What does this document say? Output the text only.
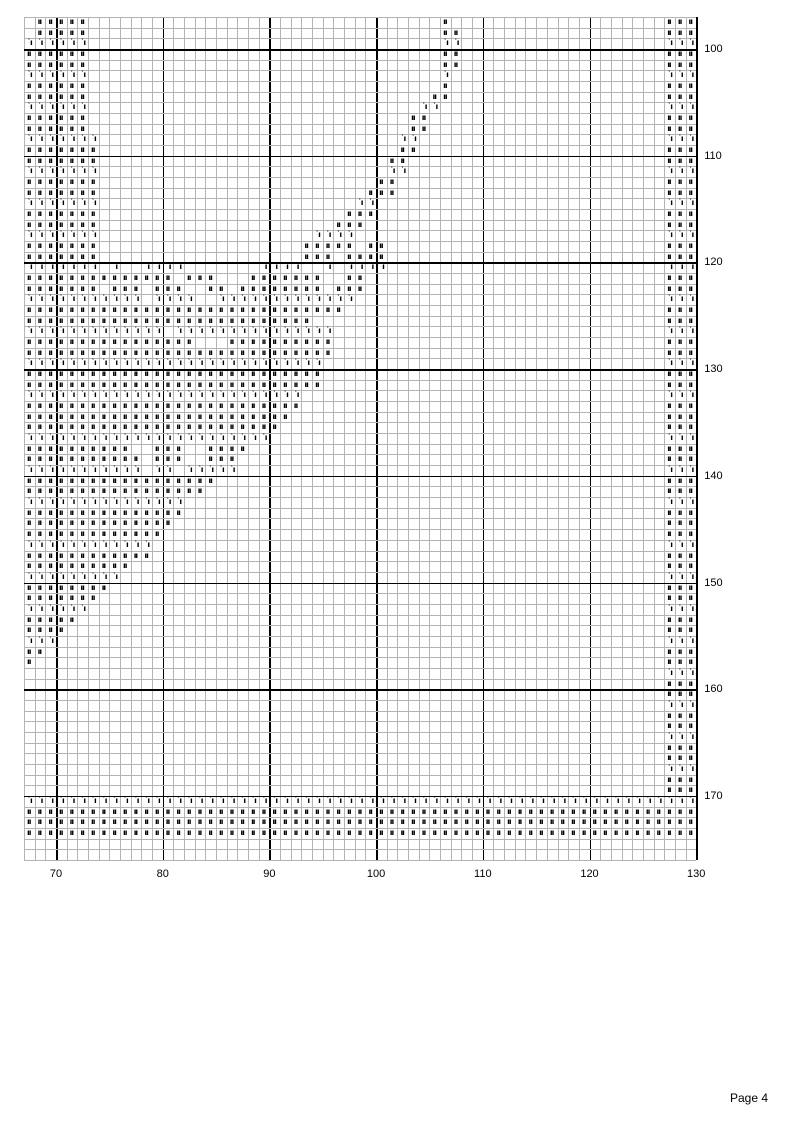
ıı ıı ıı ıı ıı	ıı	ıı ıı ıı
ıı ıı ıı ıı ıı	ıı ıı	ıı ıı ıı
˙ı ˙ı ˙ı ˙ı ˙ı ˙ı	˙ı ˙ı	˙ı ˙ı ˙ı
ıı ıı ıı ıı ıı ıı	ıı ıı	ıı ıı ıı
ıı ıı ıı ıı ıı ıı	ıı ıı	ıı ıı ıı
˙ı ˙ı ˙ı ˙ı ˙ı ˙ı	˙ı	˙ı ˙ı ˙ı
ıı ıı ıı ıı ıı ıı	ıı	ıı ıı ıı
ıı ıı ıı ıı ıı ıı	ıı ıı	ıı ıı ıı
˙ı ˙ı ˙ı ˙ı ˙ı ˙ı	˙ı ˙ı	˙ı ˙ı ˙ı
ıı ıı ıı ıı ıı ıı	ıı ıı	ıı ıı ıı
ıı ıı ıı ıı ıı ıı	ıı ıı	ıı ıı ıı
˙ı ˙ı ˙ı ˙ı ˙ı ˙ı ˙ı	˙ı ˙ı	˙ı ˙ı ˙ı
ıı ıı ıı ıı ıı ıı ıı	ıı ıı	ıı ıı ıı
ıı ıı ıı ıı ıı ıı ıı	ıı ıı	ıı ıı ıı
˙ı ˙ı ˙ı ˙ı ˙ı ˙ı ˙ı	˙ı ˙ı	˙ı ˙ı ˙ı
ıı ıı ıı ıı ıı ıı ıı	ıı ıı	ıı ıı ıı
ıı ıı ıı ıı ıı ıı ıı	ıı ıı ıı	ıı ıı ıı
˙ı ˙ı ˙ı ˙ı ˙ı ˙ı ˙ı	˙ı ˙ı	˙ı ˙ı ˙ı
ıı ıı ıı ıı ıı ıı ıı	ıı ıı ıı	ıı ıı ıı
ıı ıı ıı ıı ıı ıı ıı	ıı ıı ıı	ıı ıı ıı
˙ı ˙ı ˙ı ˙ı ˙ı ˙ı ˙ı	˙ı ˙ı ˙ı ˙ı	˙ı ˙ı ˙ı
ıı ıı ıı ıı ıı ıı ıı	ıı ıı ıı ıı ıı ıı ıı	ıı ıı ıı
ıı ıı ıı ıı ıı ıı ıı	ıı ıı ıı ıı ıı ıı ıı	ıı ıı ıı
˙ı ˙ı ˙ı ˙ı ˙ı ˙ı ˙ı ˙ı	˙ı ˙ı ˙ı ˙ı	˙ı ˙ı ˙ı ˙ı	˙ı ˙ı ˙ı ˙ı ˙ı	˙ı ˙ı ˙ı
ıı ıı ıı ıı ıı ıı ıı ıı ıı ıı ıı ıı ıı ıı ıı ıı ıı	ıı ıı ıı ıı ıı ıı ıı	ıı ıı	ıı ıı ıı
ıı ıı ıı ıı ıı ıı ıı ıı ıı ıı ıı ıı ıı	ıı ıı ıı ıı ıı ıı ıı ıı ıı ıı ıı ıı ıı	ıı ıı ıı
˙ı ˙ı ˙ı ˙ı ˙ı ˙ı ˙ı ˙ı ˙ı ˙ı ˙ı ˙ı ˙ı ˙ı ˙ı	˙ı ˙ı ˙ı ˙ı ˙ı ˙ı ˙ı ˙ı ˙ı ˙ı ˙ı ˙ı ˙ı	˙ı ˙ı ˙ı
ıı ıı ıı ıı ıı ıı ıı ıı ıı ıı ıı ıı ıı ıı ıı ıı ıı ıı ıı ıı ıı ıı ıı ıı ıı ıı ıı ıı ıı ıı	ıı ıı ıı
ıı ıı ıı ıı ıı ıı ıı ıı ıı ıı ıı ıı ıı ıı ıı ıı ıı ıı ıı ıı ıı ıı ıı ıı ıı ıı ıı	ıı ıı ıı
˙ı ˙ı ˙ı ˙ı ˙ı ˙ı ˙ı ˙ı ˙ı ˙ı ˙ı ˙ı ˙ı ˙ı ˙ı ˙ı ˙ı ˙ı ˙ı ˙ı ˙ı ˙ı ˙ı ˙ı ˙ı ˙ı ˙ı ˙ı	˙ı ˙ı ˙ı
ıı ıı ıı ıı ıı ıı ıı ıı ıı ıı ıı ıı ıı ıı ıı ıı	ıı ıı ıı ıı ıı ıı ıı ıı ıı ıı	ıı ıı ıı
ıı ıı ıı ıı ıı ıı ıı ıı ıı ıı ıı ıı ıı ıı ıı ıı ıı ıı ıı ıı ıı ıı ıı ıı ıı ıı ıı ıı ıı	ıı ıı ıı
˙ı ˙ı ˙ı ˙ı ˙ı ˙ı ˙ı ˙ı ˙ı ˙ı ˙ı ˙ı ˙ı ˙ı ˙ı ˙ı ˙ı ˙ı ˙ı ˙ı ˙ı ˙ı ˙ı ˙ı ˙ı ˙ı ˙ı ˙ı	˙ı ˙ı ˙ı
ıı ıı ıı ıı ıı ıı ıı ıı ıı ıı ıı ıı ıı ıı ıı ıı ıı ıı ıı ıı ıı ıı ıı ıı ıı ıı ıı ıı	ıı ıı ıı
ıı ıı ıı ıı ıı ıı ıı ıı ıı ıı ıı ıı ıı ıı ıı ıı ıı ıı ıı ıı ıı ıı ıı ıı ıı ıı ıı ıı	ıı ıı ıı
˙ı ˙ı ˙ı ˙ı ˙ı ˙ı ˙ı ˙ı ˙ı ˙ı ˙ı ˙ı ˙ı ˙ı ˙ı ˙ı ˙ı ˙ı ˙ı ˙ı ˙ı ˙ı ˙ı ˙ı ˙ı ˙ı	˙ı ˙ı ˙ı
ıı ıı ıı ıı ıı ıı ıı ıı ıı ıı ıı ıı ıı ıı ıı ıı ıı ıı ıı ıı ıı ıı ıı ıı ıı ıı	ıı ıı ıı
ıı ıı ıı ıı ıı ıı ıı ıı ıı ıı ıı ıı ıı ıı ıı ıı ıı ıı ıı ıı ıı ıı ıı ıı ıı	ıı ıı ıı
ıı ıı ıı ıı ıı ıı ıı ıı ıı ıı ıı ıı ıı ıı ıı ıı ıı ıı ıı ıı ıı ıı ıı ıı	ıı ıı ıı
˙ı ˙ı ˙ı ˙ı ˙ı ˙ı ˙ı ˙ı ˙ı ˙ı ˙ı ˙ı ˙ı ˙ı ˙ı ˙ı ˙ı ˙ı ˙ı ˙ı ˙ı ˙ı ˙ı	˙ı ˙ı ˙ı
ıı ıı ıı ıı ıı ıı ıı ıı ıı ıı	ıı ıı ıı	ıı ıı ıı ıı	ıı ıı ıı
ıı ıı ıı ıı ıı ıı ıı ıı ıı ıı ıı ıı ıı ıı	ıı ıı ıı	ıı ıı ıı
˙ı ˙ı ˙ı ˙ı ˙ı ˙ı ˙ı ˙ı ˙ı ˙ı ˙ı ˙ı ˙ı ˙ı ˙ı ˙ı ˙ı ˙ı	˙ı ˙ı ˙ı
ıı ıı ıı ıı ıı ıı ıı ıı ıı ıı ıı ıı ıı ıı ıı ıı ıı ıı	ıı ıı ıı
ıı ıı ıı ıı ıı ıı ıı ıı ıı ıı ıı ıı ıı ıı ıı ıı ıı	ıı ıı ıı
˙ı ˙ı ˙ı ˙ı ˙ı ˙ı ˙ı ˙ı ˙ı ˙ı ˙ı ˙ı ˙ı ˙ı ˙ı	˙ı ˙ı ˙ı
ıı ıı ıı ıı ıı ıı ıı ıı ıı ıı ıı ıı ıı ıı ıı	ıı ıı ıı
ıı ıı ıı ıı ıı ıı ıı ıı ıı ıı ıı ıı ıı ıı	ıı ıı ıı
ıı ıı ıı ıı ıı ıı ıı ıı ıı ıı ıı ıı ıı	ıı ıı ıı
˙ı ˙ı ˙ı ˙ı ˙ı ˙ı ˙ı ˙ı ˙ı ˙ı ˙ı ˙ı	˙ı ˙ı ˙ı
ıı ıı ıı ıı ıı ıı ıı ıı ıı ıı ıı ıı	ıı ıı ıı
ıı ıı ıı ıı ıı ıı ıı ıı ıı ıı	ıı ıı ıı
˙ı ˙ı ˙ı ˙ı ˙ı ˙ı ˙ı ˙ı ˙ı	˙ı ˙ı ˙ı
ıı ıı ıı ıı ıı ıı ıı ıı	ıı ıı ıı
ıı ıı ıı ıı ıı ıı ıı	ıı ıı ıı
˙ı ˙ı ˙ı ˙ı ˙ı ˙ı	˙ı ˙ı ˙ı
ıı ıı ıı ıı ıı	ıı ıı ıı
ıı ıı ıı ıı	ıı ıı ıı
˙ı ˙ı ˙ı	˙ı ˙ı ˙ı
ıı ıı	ıı ıı ıı
ıı	ıı ıı ıı
˙ı ˙ı ˙ı
ıı ıı ıı
ıı ıı ıı
˙ı ˙ı ˙ı
ıı ıı ıı
ıı ıı ıı
˙ı ˙ı ˙ı
ıı ıı ıı
ıı ıı ıı
˙ı ˙ı ˙ı
ıı ıı ıı
ıı ıı ıı
˙ı ˙ı ˙ı ˙ı ˙ı ˙ı ˙ı ˙ı ˙ı ˙ı ˙ı ˙ı ˙ı ˙ı ˙ı ˙ı ˙ı ˙ı ˙ı ˙ı ˙ı ˙ı ˙ı ˙ı ˙ı ˙ı ˙ı ˙ı ˙ı ˙ı ˙ı ˙ı ˙ı ˙ı ˙ı ˙ı ˙ı ˙ı ˙ı ˙ı ˙ı ˙ı ˙ı ˙ı ˙ı ˙ı ˙ı ˙ı ˙ı ˙ı ˙ı ˙ı ˙ı ˙ı ˙ı ˙ı ˙ı ˙ı ˙ı ˙ı ˙ı ˙ı ˙ı
ıı ıı ıı ıı ıı ıı ıı ıı ıı ıı ıı ıı ıı ıı ıı ıı ıı ıı ıı ıı ıı ıı ıı ıı ıı ıı ıı ıı ıı ıı ıı ıı ıı ıı ıı ıı ıı ıı ıı ıı ıı ıı ıı ıı ıı ıı ıı ıı ıı ıı ıı ıı ıı ıı ıı ıı ıı ıı ıı ıı ıı ıı ıı
ıı ıı ıı ıı ıı ıı ıı ıı ıı ıı ıı ıı ıı ıı ıı ıı ıı ıı ıı ıı ıı ıı ıı ıı ıı ıı ıı ıı ıı ıı ıı ıı ıı ıı ıı ıı ıı ıı ıı ıı ıı ıı ıı ıı ıı ıı ıı ıı ıı ıı ıı ıı ıı ıı ıı ıı ıı ıı ıı ıı ıı ıı ıı
ıı ıı ıı ıı ıı ıı ıı ıı ıı ıı ıı ıı ıı ıı ıı ıı ıı ıı ıı ıı ıı ıı ıı ıı ıı ıı ıı ıı ıı ıı ıı ıı ıı ıı ıı ıı ıı ıı ıı ıı ıı ıı ıı ıı ıı ıı ıı ıı ıı ıı ıı ıı ıı ıı ıı ıı ıı ıı ıı ıı ıı ıı ıı
Page 4
70	80	90	100	110	120	130
100
110
120
130
140
150
160
170
